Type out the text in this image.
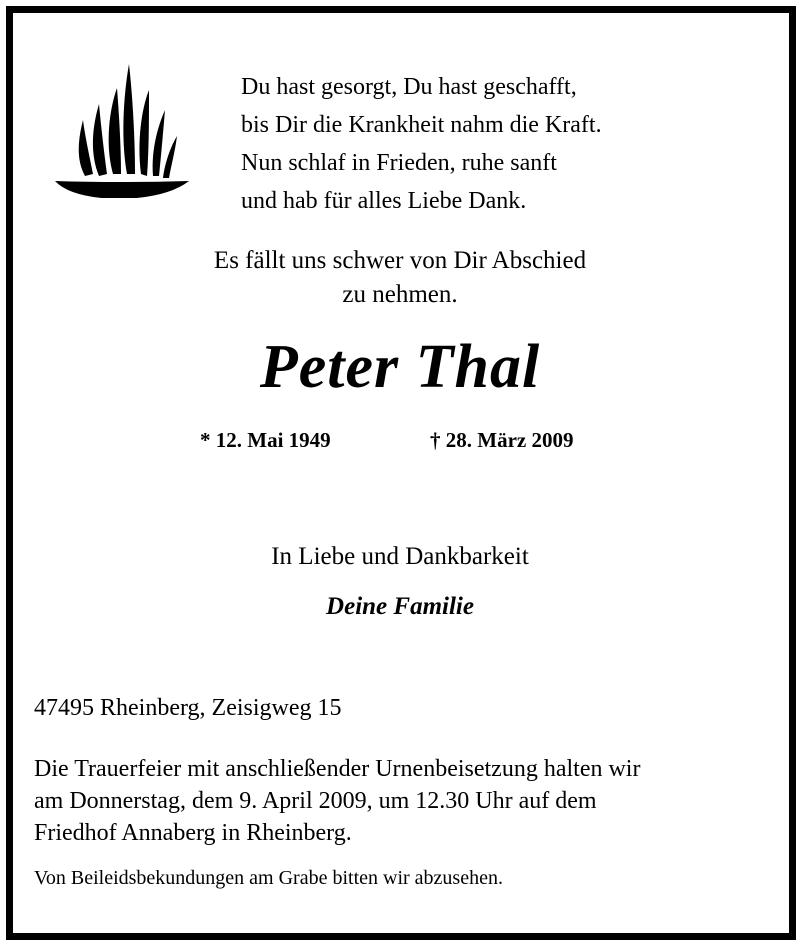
Du hast gesorgt, Du hast geschafft,
bis Dir die Krankheit nahm die Kraft.
Nun schlaf in Frieden, ruhe sanft
und hab für alles Liebe Dank.
Es fällt uns schwer von Dir Abschied
zu nehmen.
Peter Thal
* 12. Mai 1949	† 28. März 2009
In Liebe und Dankbarkeit
Deine Familie
47495 Rheinberg, Zeisigweg 15
Die Trauerfeier mit anschließender Urnenbeisetzung halten wir
am Donnerstag, dem 9. April 2009, um 12.30 Uhr auf dem
Friedhof Annaberg in Rheinberg.
Von Beileidsbekundungen am Grabe bitten wir abzusehen.
